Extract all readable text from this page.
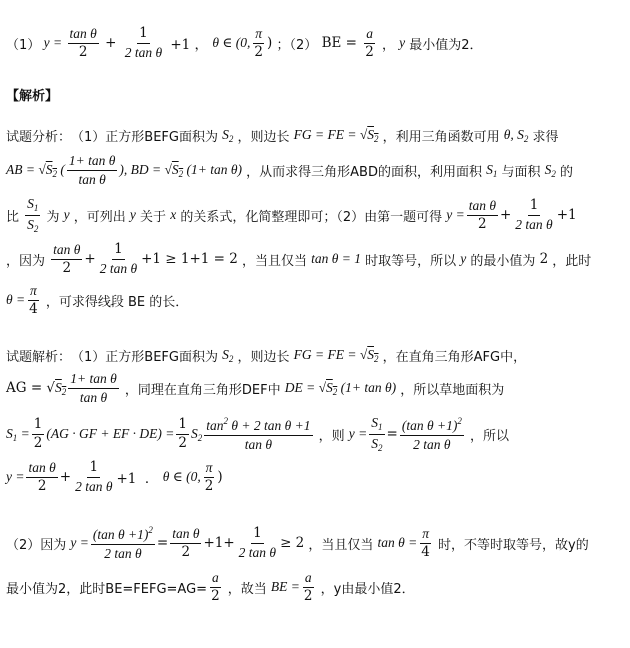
（1） $y = \frac{\text{tan θ}}{2} + \frac{1}{\text{2 tan θ}} +1$ ， θ ∈ (0, $\frac{\pi}{2}$ ) ；（2） BE = $\frac{a}{2}$ ， y 最小值为2．
【解析】
试题分析： （1）正方形BEFG面积为 $S_2$ ，则边长 FG = FE = $√S_2$ ，利用三角函数可用 θ, $S_2$ 求得
AB = $√S_2$ ( $\frac{\text{1+ tan θ}}{\text{tan θ}}$ ), BD = $√S_2$ (1+ tan θ) ，从而求得三角形ABD的面积，利用面积 $S_1$ 与面积 $S_2$ 的
比 $\frac{S_1}{S_2}$ 为 y ，可列出 y 关于 x 的关系式，化简整理即可；（2）由第一题可得 $y = \frac{\text{tan θ}}{2} + \frac{1}{\text{2 tan θ}} +1$
，因为 $\frac{\text{tan θ}}{2} + \frac{1}{\text{2 tan θ}} +1 \ge 1+1 = 2$ ，当且仅当 tan θ = 1 时取等号，所以 y 的最小值为 2 ，此时
$\theta = \frac{\pi}{4}$ ，可求得线段 BE 的长．
试题解析： （1）正方形BEFG面积为 $S_2$ ，则边长 FG = FE = $√S_2$ ，在直角三角形AFG中，
AG = $√S_2 \frac{\text{1+ tan θ}}{\text{tan θ}}$ ，同理在直角三角形DEF中 DE = $√S_2$ (1+ tan θ) ，所以草地面积为
$S_1 = \frac{1}{2} (AG$ · GF + EF · $DE) = \frac{1}{2} S_2 \frac{\tan^2 \theta + 2 \tan \theta +1}{\text{tan θ}}$ ，则 $y = \frac{S_1}{S_2} = \frac{(\tan \theta +1)^2}{\text{2 tan θ}}$ ，所以
$y = \frac{\text{tan θ}}{2} + \frac{1}{\text{2 tan θ}} +1$  ． θ ∈ (0, $\frac{\pi}{2}$ )
（2）因为 $y = \frac{(\tan \theta +1)^2}{\text{2 tan θ}} = \frac{\text{tan θ}}{2} +1+ \frac{1}{\text{2 tan θ}} \ge 2$ ，当且仅当 $\tan \theta = \frac{\pi}{4}$ 时，不等时取等号，故y的
最小值为2，此时BE=FEFG=AG= $\frac{a}{2}$ ，故当 BE = $\frac{a}{2}$ ，y由最小值2．
